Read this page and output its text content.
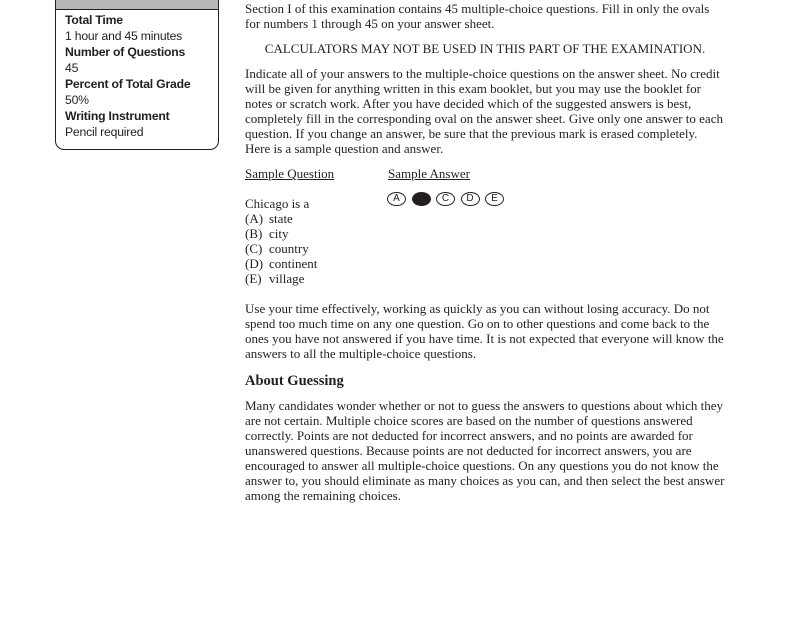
Total Time
1 hour and 45 minutes
Number of Questions
45
Percent of Total Grade
50%
Writing Instrument
Pencil required

Section I of this examination contains 45 multiple-choice questions. Fill in only the ovals for numbers 1 through 45 on your answer sheet.

CALCULATORS MAY NOT BE USED IN THIS PART OF THE EXAMINATION.

Indicate all of your answers to the multiple-choice questions on the answer sheet. No credit will be given for anything written in this exam booklet, but you may use the booklet for notes or scratch work. After you have decided which of the suggested answers is best, completely fill in the corresponding oval on the answer sheet. Give only one answer to each question. If you change an answer, be sure that the previous mark is erased completely. Here is a sample question and answer.

Sample Question	Sample Answer
Chicago is a
(A) state
(B) city
(C) country
(D) continent
(E) village
A	C	D	E

Use your time effectively, working as quickly as you can without losing accuracy. Do not spend too much time on any one question. Go on to other questions and come back to the ones you have not answered if you have time. It is not expected that everyone will know the answers to all the multiple-choice questions.

About Guessing

Many candidates wonder whether or not to guess the answers to questions about which they are not certain. Multiple choice scores are based on the number of questions answered correctly. Points are not deducted for incorrect answers, and no points are awarded for unanswered questions. Because points are not deducted for incorrect answers, you are encouraged to answer all multiple-choice questions. On any questions you do not know the answer to, you should eliminate as many choices as you can, and then select the best answer among the remaining choices.
